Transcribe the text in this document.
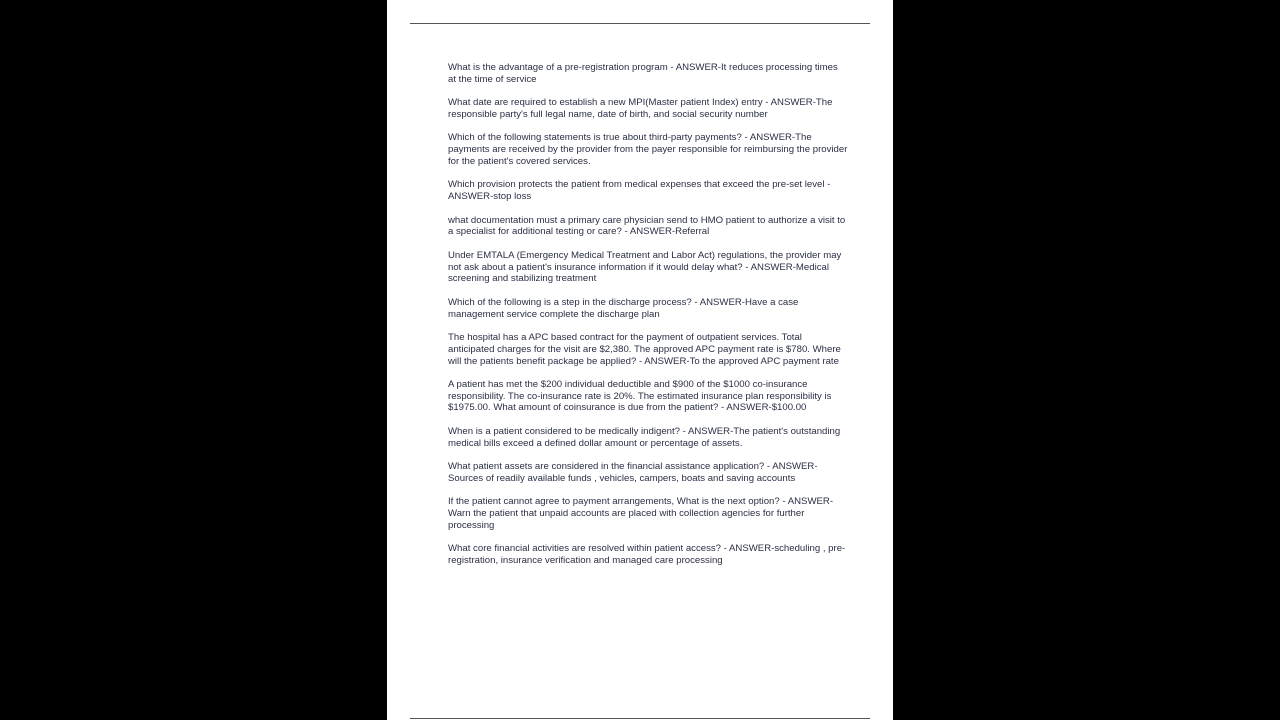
What is the advantage of a pre-registration program - ANSWER-It reduces processing times at the time of service

What date are required to establish a new MPI(Master patient Index) entry - ANSWER-The responsible party's full legal name, date of birth, and social security number

Which of the following statements is true about third-party payments? - ANSWER-The payments are received by the provider from the payer responsible for reimbursing the provider for the patient's covered services.

Which provision protects the patient from medical expenses that exceed the pre-set level - ANSWER-stop loss

what documentation must a primary care physician send to HMO patient to authorize a visit to a specialist for additional testing or care? - ANSWER-Referral

Under EMTALA (Emergency Medical Treatment and Labor Act) regulations, the provider may not ask about a patient's insurance information if it would delay what? - ANSWER-Medical screening and stabilizing treatment

Which of the following is a step in the discharge process? - ANSWER-Have a case management service complete the discharge plan

The hospital has a APC based contract for the payment of outpatient services. Total anticipated charges for the visit are $2,380. The approved APC payment rate is $780. Where will the patients benefit package be applied? - ANSWER-To the approved APC payment rate

A patient has met the $200 individual deductible and $900 of the $1000 co-insurance responsibility. The co-insurance rate is 20%. The estimated insurance plan responsibility is $1975.00. What amount of coinsurance is due from the patient? - ANSWER-$100.00

When is a patient considered to be medically indigent? - ANSWER-The patient's outstanding medical bills exceed a defined dollar amount or percentage of assets.

What patient assets are considered in the financial assistance application? - ANSWER-Sources of readily available funds , vehicles, campers, boats and saving accounts

If the patient cannot agree to payment arrangements, What is the next option? - ANSWER-Warn the patient that unpaid accounts are placed with collection agencies for further processing

What core financial activities are resolved within patient access? - ANSWER-scheduling , pre-registration, insurance verification and managed care processing
